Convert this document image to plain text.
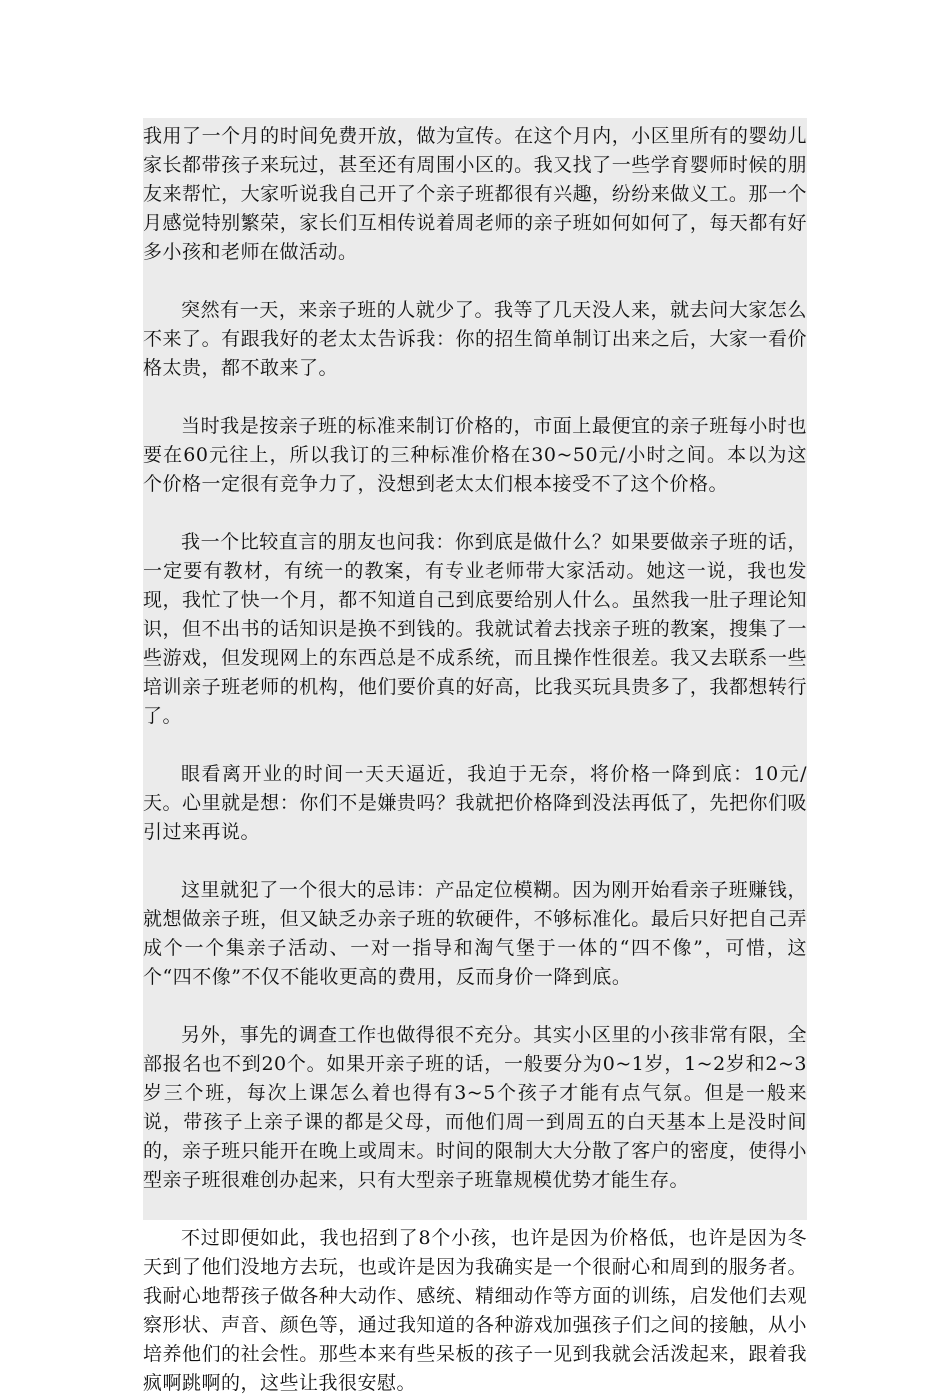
我用了一个月的时间免费开放，做为宣传。在这个月内，小区里所有的婴幼儿家长都带孩子来玩过，甚至还有周围小区的。我又找了一些学育婴师时候的朋友来帮忙，大家听说我自己开了个亲子班都很有兴趣，纷纷来做义工。那一个月感觉特别繁荣，家长们互相传说着周老师的亲子班如何如何了，每天都有好多小孩和老师在做活动。

突然有一天，来亲子班的人就少了。我等了几天没人来，就去问大家怎么不来了。有跟我好的老太太告诉我：你的招生简单制订出来之后，大家一看价格太贵，都不敢来了。

当时我是按亲子班的标准来制订价格的，市面上最便宜的亲子班每小时也要在60元往上，所以我订的三种标准价格在30~50元/小时之间。本以为这个价格一定很有竞争力了，没想到老太太们根本接受不了这个价格。

我一个比较直言的朋友也问我：你到底是做什么？如果要做亲子班的话，一定要有教材，有统一的教案，有专业老师带大家活动。她这一说，我也发现，我忙了快一个月，都不知道自己到底要给别人什么。虽然我一肚子理论知识，但不出书的话知识是换不到钱的。我就试着去找亲子班的教案，搜集了一些游戏，但发现网上的东西总是不成系统，而且操作性很差。我又去联系一些培训亲子班老师的机构，他们要价真的好高，比我买玩具贵多了，我都想转行了。

眼看离开业的时间一天天逼近，我迫于无奈，将价格一降到底：10元/天。心里就是想：你们不是嫌贵吗？我就把价格降到没法再低了，先把你们吸引过来再说。

这里就犯了一个很大的忌讳：产品定位模糊。因为刚开始看亲子班赚钱，就想做亲子班，但又缺乏办亲子班的软硬件，不够标准化。最后只好把自己弄成个一个集亲子活动、一对一指导和淘气堡于一体的“四不像”，可惜，这个“四不像”不仅不能收更高的费用，反而身价一降到底。

另外，事先的调查工作也做得很不充分。其实小区里的小孩非常有限，全部报名也不到20个。如果开亲子班的话，一般要分为0~1岁，1~2岁和2~3岁三个班，每次上课怎么着也得有3~5个孩子才能有点气氛。但是一般来说，带孩子上亲子课的都是父母，而他们周一到周五的白天基本上是没时间的，亲子班只能开在晚上或周末。时间的限制大大分散了客户的密度，使得小型亲子班很难创办起来，只有大型亲子班靠规模优势才能生存。

不过即便如此，我也招到了8个小孩，也许是因为价格低，也许是因为冬天到了他们没地方去玩，也或许是因为我确实是一个很耐心和周到的服务者。我耐心地帮孩子做各种大动作、感统、精细动作等方面的训练，启发他们去观察形状、声音、颜色等，通过我知道的各种游戏加强孩子们之间的接触，从小培养他们的社会性。那些本来有些呆板的孩子一见到我就会活泼起来，跟着我疯啊跳啊的，这些让我很安慰。
